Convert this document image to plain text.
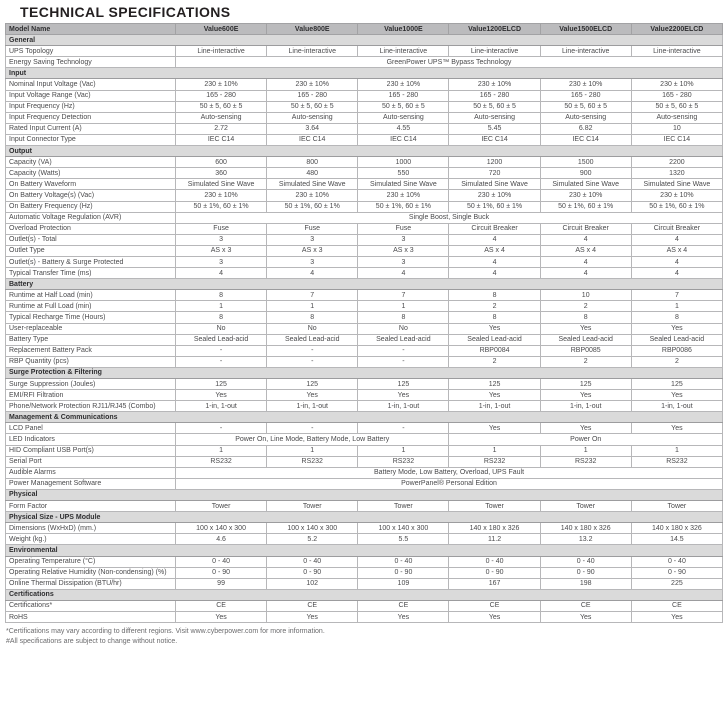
TECHNICAL SPECIFICATIONS
Model Name	Value600E	Value800E	Value1000E	Value1200ELCD	Value1500ELCD	Value2200ELCD
General						
UPS Topology	Line-interactive	Line-interactive	Line-interactive	Line-interactive	Line-interactive	Line-interactive
Energy Saving Technology	GreenPower UPS™ Bypass Technology					
Input						
Nominal Input Voltage (Vac)	230 ± 10%	230 ± 10%	230 ± 10%	230 ± 10%	230 ± 10%	230 ± 10%
Input Voltage Range (Vac)	165 - 280	165 - 280	165 - 280	165 - 280	165 - 280	165 - 280
Input Frequency (Hz)	50 ± 5, 60 ± 5	50 ± 5, 60 ± 5	50 ± 5, 60 ± 5	50 ± 5, 60 ± 5	50 ± 5, 60 ± 5	50 ± 5, 60 ± 5
Input Frequency Detection	Auto-sensing	Auto-sensing	Auto-sensing	Auto-sensing	Auto-sensing	Auto-sensing
Rated Input Current (A)	2.72	3.64	4.55	5.45	6.82	10
Input Connector Type	IEC C14	IEC C14	IEC C14	IEC C14	IEC C14	IEC C14
Output						
Capacity (VA)	600	800	1000	1200	1500	2200
Capacity (Watts)	360	480	550	720	900	1320
On Battery Waveform	Simulated Sine Wave	Simulated Sine Wave	Simulated Sine Wave	Simulated Sine Wave	Simulated Sine Wave	Simulated Sine Wave
On Battery Voltage(s) (Vac)	230 ± 10%	230 ± 10%	230 ± 10%	230 ± 10%	230 ± 10%	230 ± 10%
On Battery Frequency (Hz)	50 ± 1%, 60 ± 1%	50 ± 1%, 60 ± 1%	50 ± 1%, 60 ± 1%	50 ± 1%, 60 ± 1%	50 ± 1%, 60 ± 1%	50 ± 1%, 60 ± 1%
Automatic Voltage Regulation (AVR)	Single Boost, Single Buck					
Overload Protection	Fuse	Fuse	Fuse	Circuit Breaker	Circuit Breaker	Circuit Breaker
Outlet(s) - Total	3	3	3	4	4	4
Outlet Type	AS x 3	AS x 3	AS x 3	AS x 4	AS x 4	AS x 4
Outlet(s) - Battery & Surge Protected	3	3	3	4	4	4
Typical Transfer Time (ms)	4	4	4	4	4	4
Battery						
Runtime at Half Load (min)	8	7	7	8	10	7
Runtime at Full Load (min)	1	1	1	2	2	1
Typical Recharge Time (Hours)	8	8	8	8	8	8
User-replaceable	No	No	No	Yes	Yes	Yes
Battery Type	Sealed Lead-acid	Sealed Lead-acid	Sealed Lead-acid	Sealed Lead-acid	Sealed Lead-acid	Sealed Lead-acid
Replacement Battery Pack	-	-	-	RBP0084	RBP0085	RBP0086
RBP Quantity (pcs)	-	-	-	2	2	2
Surge Protection & Filtering						
Surge Suppression (Joules)	125	125	125	125	125	125
EMI/RFI Filtration	Yes	Yes	Yes	Yes	Yes	Yes
Phone/Network Protection RJ11/RJ45 (Combo)	1-in, 1-out	1-in, 1-out	1-in, 1-out	1-in, 1-out	1-in, 1-out	1-in, 1-out
Management & Communications						
LCD Panel	-	-	-	Yes	Yes	Yes
LED Indicators	Power On, Line Mode, Battery Mode, Low Battery			Power On		
HID Compliant USB Port(s)	1	1	1	1	1	1
Serial Port	RS232	RS232	RS232	RS232	RS232	RS232
Audible Alarms	Battery Mode, Low Battery, Overload, UPS Fault					
Power Management Software	PowerPanel® Personal Edition					
Physical						
Form Factor	Tower	Tower	Tower	Tower	Tower	Tower
Physical Size - UPS Module						
Dimensions (WxHxD) (mm.)	100 x 140 x 300	100 x 140 x 300	100 x 140 x 300	140 x 180 x 326	140 x 180 x 326	140 x 180 x 326
Weight (kg.)	4.6	5.2	5.5	11.2	13.2	14.5
Environmental						
Operating Temperature (°C)	0 - 40	0 - 40	0 - 40	0 - 40	0 - 40	0 - 40
Operating Relative Humidity (Non-condensing) (%)	0 - 90	0 - 90	0 - 90	0 - 90	0 - 90	0 - 90
Online Thermal Dissipation (BTU/hr)	99	102	109	167	198	225
Certifications						
Certifications*	CE	CE	CE	CE	CE	CE
RoHS	Yes	Yes	Yes	Yes	Yes	Yes
*Certifications may vary according to different regions. Visit www.cyberpower.com for more information.
#All specifications are subject to change without notice.
